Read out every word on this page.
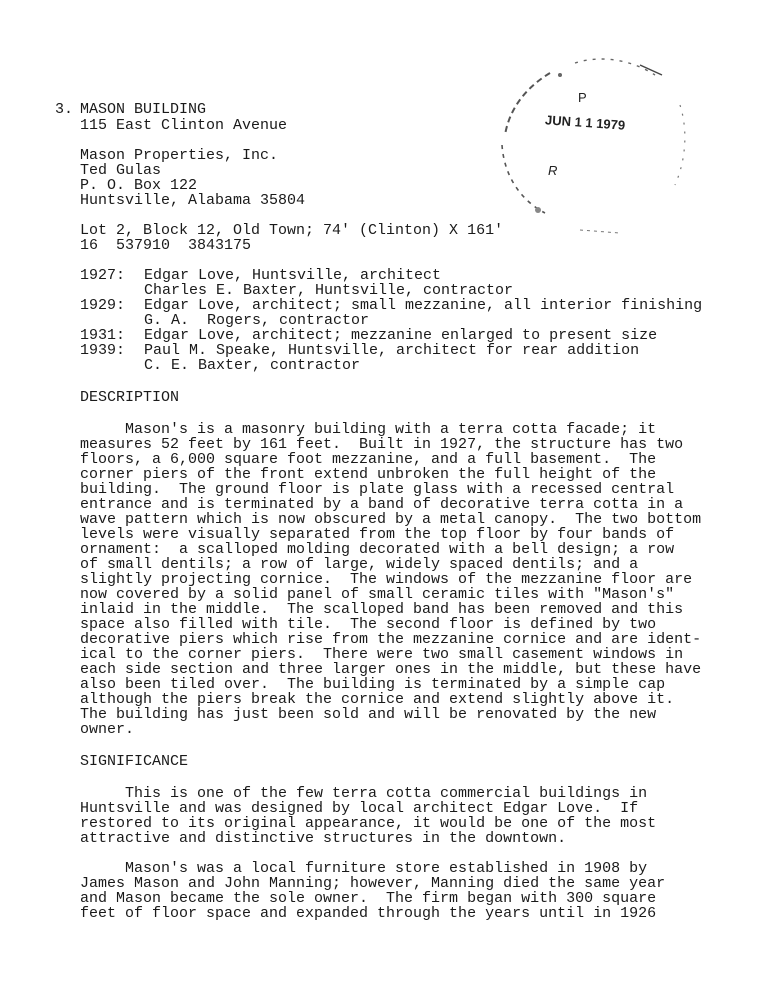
3. MASON BUILDING
115 East Clinton Avenue
Mason Properties, Inc.
Ted Gulas
P. O. Box 122
Huntsville, Alabama 35804
Lot 2, Block 12, Old Town; 74' (Clinton) X 161'
16  537910  3843175
1927: Edgar Love, Huntsville, architect
Charles E. Baxter, Huntsville, contractor
1929: Edgar Love, architect; small mezzanine, all interior finishing
G. A.  Rogers, contractor
1931: Edgar Love, architect; mezzanine enlarged to present size
1939: Paul M. Speake, Huntsville, architect for rear addition
C. E. Baxter, contractor
DESCRIPTION
Mason's is a masonry building with a terra cotta facade; it
measures 52 feet by 161 feet.  Built in 1927, the structure has two
floors, a 6,000 square foot mezzanine, and a full basement.  The
corner piers of the front extend unbroken the full height of the
building.  The ground floor is plate glass with a recessed central
entrance and is terminated by a band of decorative terra cotta in a
wave pattern which is now obscured by a metal canopy.  The two bottom
levels were visually separated from the top floor by four bands of
ornament:  a scalloped molding decorated with a bell design; a row
of small dentils; a row of large, widely spaced dentils; and a
slightly projecting cornice.  The windows of the mezzanine floor are
now covered by a solid panel of small ceramic tiles with "Mason's"
inlaid in the middle.  The scalloped band has been removed and this
space also filled with tile.  The second floor is defined by two
decorative piers which rise from the mezzanine cornice and are ident-
ical to the corner piers.  There were two small casement windows in
each side section and three larger ones in the middle, but these have
also been tiled over.  The building is terminated by a simple cap
although the piers break the cornice and extend slightly above it.
The building has just been sold and will be renovated by the new
owner.
SIGNIFICANCE
This is one of the few terra cotta commercial buildings in
Huntsville and was designed by local architect Edgar Love.  If
restored to its original appearance, it would be one of the most
attractive and distinctive structures in the downtown.
Mason's was a local furniture store established in 1908 by
James Mason and John Manning; however, Manning died the same year
and Mason became the sole owner.  The firm began with 300 square
feet of floor space and expanded through the years until in 1926
P
JUN 1 1 1979
R
